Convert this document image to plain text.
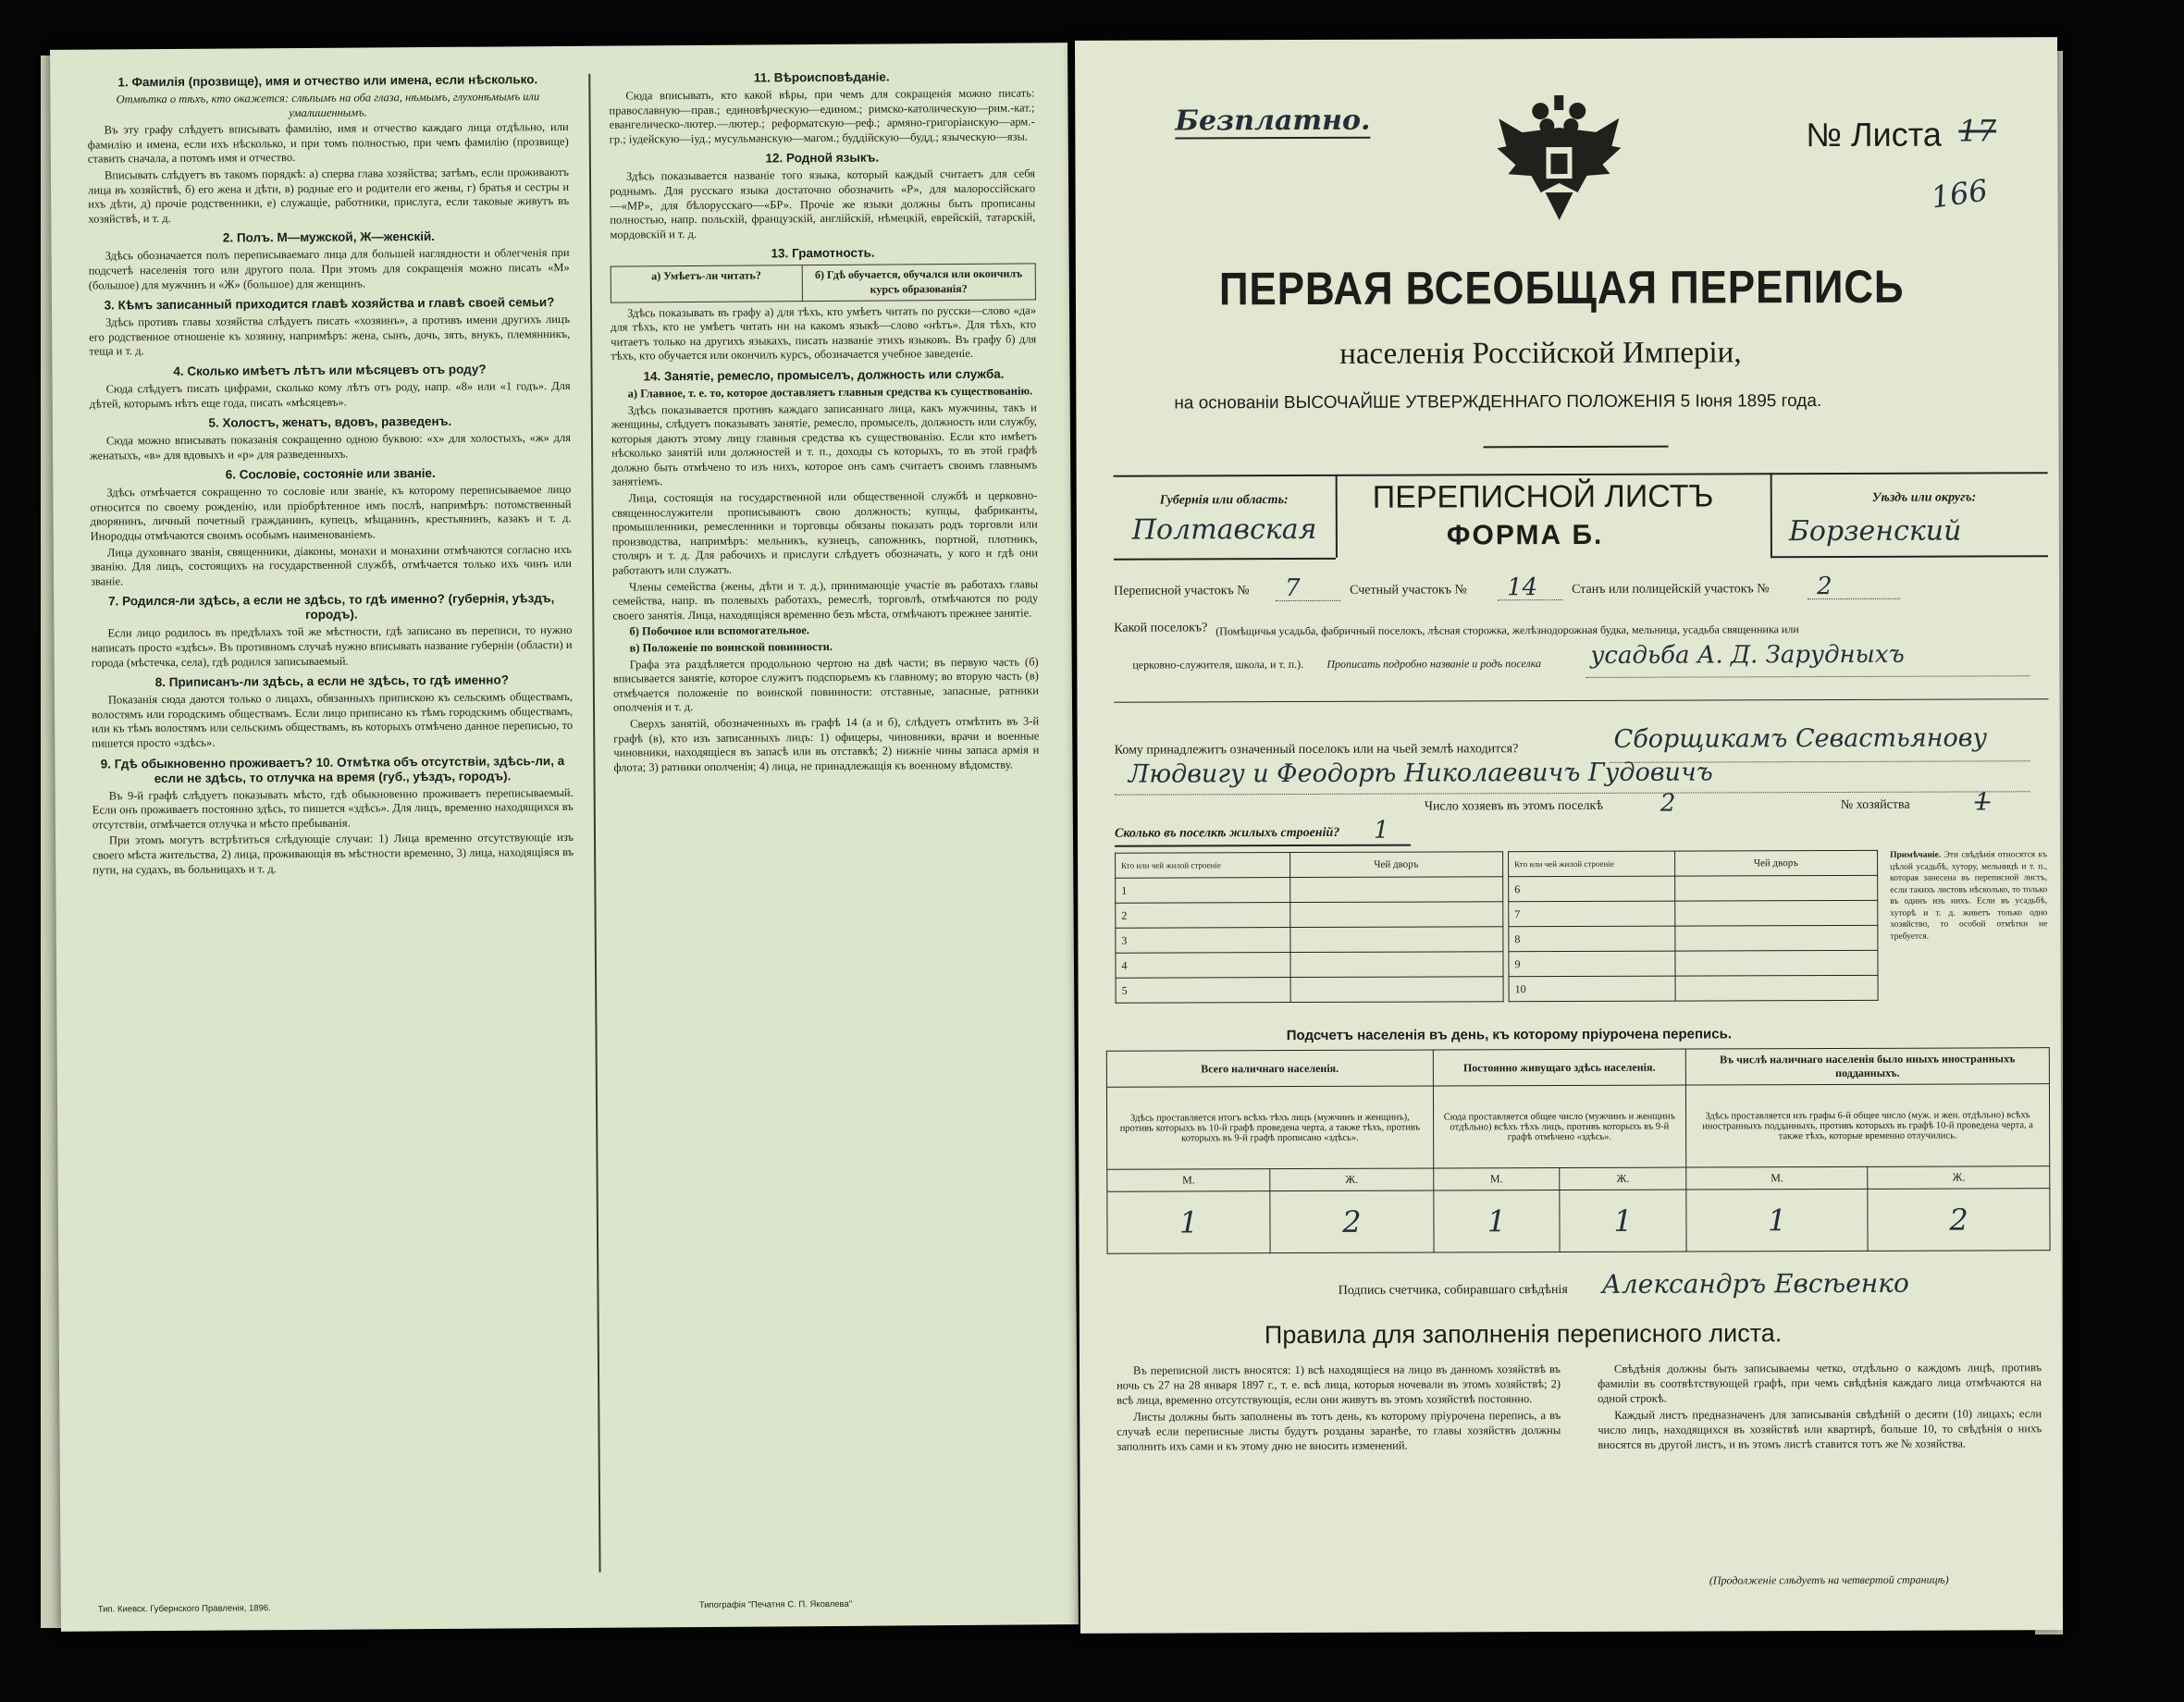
1. Фамилія (прозвище), имя и отчество или имена, если нѣсколько.

Отмѣтка о тѣхъ, кто окажется: слѣпымъ на оба глаза, нѣмымъ, глухонѣмымъ или умалишеннымъ.

Въ эту графу слѣдуетъ вписывать фамилію, имя и отчество каждаго лица отдѣльно, или фамилію и имена, если ихъ нѣсколько, и при томъ полностью, при чемъ фамилію (прозвище) ставить сначала, а потомъ имя и отчество.

Вписывать слѣдуетъ въ такомъ порядкѣ: а) сперва глава хозяйства; затѣмъ, если проживаютъ лица въ хозяйствѣ, б) его жена и дѣти, в) родные его и родители его жены, г) братья и сестры и ихъ дѣти, д) прочіе родственники, е) служащіе, работники, прислуга, если таковые живутъ въ хозяйствѣ, и т. д.

2. Полъ. М—мужской, Ж—женскій.

Здѣсь обозначается полъ переписываемаго лица для большей наглядности и облегченія при подсчетѣ населенія того или другого пола. При этомъ для сокращенія можно писать «М» (большое) для мужчинъ и «Ж» (большое) для женщинъ.

3. Кѣмъ записанный приходится главѣ хозяйства и главѣ своей семьи?

Здѣсь противъ главы хозяйства слѣдуетъ писать «хозяинъ», а противъ имени другихъ лицъ его родственное отношеніе къ хозяину, напримѣръ: жена, сынъ, дочь, зять, внукъ, племянникъ, теща и т. д.

4. Сколько имѣетъ лѣтъ или мѣсяцевъ отъ роду?

Сюда слѣдуетъ писать цифрами, сколько кому лѣтъ отъ роду, напр. «8» или «1 годъ». Для дѣтей, которымъ нѣтъ еще года, писать «мѣсяцевъ».

5. Холостъ, женатъ, вдовъ, разведенъ.

Сюда можно вписывать показанія сокращенно одною буквою: «х» для холостыхъ, «ж» для женатыхъ, «в» для вдовыхъ и «р» для разведенныхъ.

6. Сословіе, состояніе или званіе.

Здѣсь отмѣчается сокращенно то сословіе или званіе, къ которому переписываемое лицо относится по своему рожденію, или пріобрѣтенное имъ послѣ, напримѣръ: потомственный дворянинъ, личный почетный гражданинъ, купецъ, мѣщанинъ, крестьянинъ, казакъ и т. д. Инородцы отмѣчаются своимъ особымъ наименованіемъ.

Лица духовнаго званія, священники, діаконы, монахи и монахини отмѣчаются согласно ихъ званію. Для лицъ, состоящихъ на государственной службѣ, отмѣчается только ихъ чинъ или званіе.

7. Родился-ли здѣсь, а если не здѣсь, то гдѣ именно? (губернія, уѣздъ, городъ).

Если лицо родилось въ предѣлахъ той же мѣстности, гдѣ записано въ переписи, то нужно написать просто «здѣсь». Въ противномъ случаѣ нужно вписывать название губерніи (области) и города (мѣстечка, села), гдѣ родился записываемый.

8. Приписанъ-ли здѣсь, а если не здѣсь, то гдѣ именно?

Показанія сюда даются только о лицахъ, обязанныхъ припискою къ сельскимъ обществамъ, волостямъ или городскимъ обществамъ. Если лицо приписано къ тѣмъ городскимъ обществамъ, или къ тѣмъ волостямъ или сельскимъ обществамъ, въ которыхъ отмѣчено данное переписью, то пишется просто «здѣсь».

9. Гдѣ обыкновенно проживаетъ? 10. Отмѣтка объ отсутствіи, здѣсь-ли, а если не здѣсь, то отлучка на время (губ., уѣздъ, городъ).

Въ 9-й графѣ слѣдуетъ показывать мѣсто, гдѣ обыкновенно проживаетъ переписываемый. Если онъ проживаетъ постоянно здѣсь, то пишется «здѣсь». Для лицъ, временно находящихся въ отсутствіи, отмѣчается отлучка и мѣсто пребыванія.

При этомъ могутъ встрѣтиться слѣдующіе случаи: 1) Лица временно отсутствующіе изъ своего мѣста жительства, 2) лица, проживающія въ мѣстности временно, 3) лица, находящіяся въ пути, на судахъ, въ больницахъ и т. д.

11. Вѣроисповѣданіе.

Сюда вписывать, кто какой вѣры, при чемъ для сокращенія можно писать: православную—прав.; единовѣрческую—едином.; римско-католическую—рим.-кат.; евангелическо-лютер.—лютер.; реформатскую—реф.; армяно-григоріанскую—арм.-гр.; іудейскую—іуд.; мусульманскую—магом.; буддійскую—будд.; языческую—язы.

12. Родной языкъ.

Здѣсь показывается названіе того языка, который каждый считаетъ для себя роднымъ. Для русскаго языка достаточно обозначить «Р», для малороссійскаго—«МР», для бѣлорусскаго—«БР». Прочіе же языки должны быть прописаны полностью, напр. польскій, французскій, англійскій, нѣмецкій, еврейскій, татарскій, мордовскій и т. д.

13. Грамотность.
а) Умѣетъ-ли читать?	б) Гдѣ обучается, обучался или окончилъ курсъ образованія?

Здѣсь показывать въ графу а) для тѣхъ, кто умѣетъ читать по русски—слово «да» для тѣхъ, кто не умѣетъ читать ни на какомъ языкѣ—слово «нѣтъ». Для тѣхъ, кто читаетъ только на другихъ языкахъ, писать названіе этихъ языковъ. Въ графу б) для тѣхъ, кто обучается или окончилъ курсъ, обозначается учебное заведеніе.

14. Занятіе, ремесло, промыселъ, должность или служба.

а) Главное, т. е. то, которое доставляетъ главныя средства къ существованію.

Здѣсь показывается противъ каждаго записаннаго лица, какъ мужчины, такъ и женщины, слѣдуетъ показывать занятіе, ремесло, промыселъ, должность или службу, которыя даютъ этому лицу главныя средства къ существованію. Если кто имѣетъ нѣсколько занятій или должностей и т. п., доходы съ которыхъ, то въ этой графѣ должно быть отмѣчено то изъ нихъ, которое онъ самъ считаетъ своимъ главнымъ занятіемъ.

Лица, состоящія на государственной или общественной службѣ и церковно-священнослужители прописываютъ свою должность; купцы, фабриканты, промышленники, ремесленники и торговцы обязаны показать родъ торговли или производства, напримѣръ: мельникъ, кузнецъ, сапожникъ, портной, плотникъ, столяръ и т. д. Для рабочихъ и прислуги слѣдуетъ обозначать, у кого и гдѣ они работаютъ или служатъ.

Члены семейства (жены, дѣти и т. д.), принимающіе участіе въ работахъ главы семейства, напр. въ полевыхъ работахъ, ремеслѣ, торговлѣ, отмѣчаются по роду своего занятія. Лица, находящіяся временно безъ мѣста, отмѣчаютъ прежнее занятіе.

б) Побочное или вспомогательное.

в) Положеніе по воинской повинности.

Графа эта раздѣляется продольною чертою на двѣ части; въ первую часть (б) вписывается занятіе, которое служитъ подспорьемъ къ главному; во вторую часть (в) отмѣчается положеніе по воинской повинности: отставные, запасные, ратники ополченія и т. д.

Сверхъ занятій, обозначенныхъ въ графѣ 14 (а и б), слѣдуетъ отмѣтить въ 3-й графѣ (в), кто изъ записанныхъ лицъ: 1) офицеры, чиновники, врачи и военные чиновники, находящіеся въ запасѣ или въ отставкѣ; 2) нижніе чины запаса армія и флота; 3) ратники ополченія; 4) лица, не принадлежащія къ военному вѣдомству.

Тип. Киевск. Губернского Правленія, 1896.	Типографія "Печатня С. П. Яковлева"
Безплатно.	№ Листа 17
166
ПЕРВАЯ ВСЕОБЩАЯ ПЕРЕПИСЬ
населенія Россійской Имперіи,
на основаніи ВЫСОЧАЙШЕ УТВЕРЖДЕННАГО ПОЛОЖЕНІЯ 5 Іюня 1895 года.
Губернія или область:
Полтавская
ПЕРЕПИСНОЙ ЛИСТЪ
ФОРМА Б.
Уѣздъ или округъ:
Борзенский
Переписной участокъ № 7	Счетный участокъ № 14	Станъ или полицейскій участокъ № 2
Какой поселокъ? (Помѣщичья усадьба, фабричный поселокъ, лѣсная сторожка, желѣзнодорожная будка, мельница, усадьба священника или
церковно-служителя, школа, и т. п.). Прописать подробно названіе и родъ поселка усадьба А. Д. Зарудныхъ
Кому принадлежитъ означенный поселокъ или на чьей землѣ находится?	Сборщикамъ Севастьянову
Людвигу и Феодорѣ Николаевичъ Гудовичъ
Число хозяевъ въ этомъ поселкѣ 2	№ хозяйства	1
Сколько въ поселкѣ жилыхъ строеній? 1
Кто или чей жилой строеніе	Чей дворъ
1	
2	
3	
4	
5	
Кто или чей жилой строеніе	Чей дворъ
6	
7	
8	
9	
10	
Примѣчаніе. Эти свѣдѣнія относятся къ цѣлой усадьбѣ, хутору, мельницѣ и т. п., которая занесена въ переписной листъ, если такихъ листовъ нѣсколько, то только въ одинъ изъ нихъ. Если въ усадьбѣ, хуторѣ и т. д. живетъ только одно хозяйство, то особой отмѣтки не требуется.
Подсчетъ населенія въ день, къ которому пріурочена перепись.
Всего наличнаго населенія.		Постоянно живущаго здѣсь населенія.		Въ числѣ наличнаго населенія было иныхъ иностранныхъ подданныхъ.	
Здѣсь проставляется итогъ всѣхъ тѣхъ лицъ (мужчинъ и женщинъ), противъ которыхъ въ 10-й графѣ проведена черта, а также тѣхъ, противъ которыхъ въ 9-й графѣ прописано «здѣсь».		Сюда проставляется общее число (мужчинъ и женщинъ отдѣльно) всѣхъ тѣхъ лицъ, противъ которыхъ въ 9-й графѣ отмѣчено «здѣсь».		Здѣсь проставляется изъ графы 6-й общее число (муж. и жен. отдѣльно) всѣхъ иностранныхъ подданныхъ, противъ которыхъ въ графѣ 10-й проведена черта, а также тѣхъ, которые временно отлучились.	
М.	Ж.	М.	Ж.	М.	Ж.
1	2	1	1	1	2
Подпись счетчика, собиравшаго свѣдѣнія Александръ Евсѣенко
Правила для заполненія переписного листа.

Въ переписной листъ вносятся: 1) всѣ находящіеся на лицо въ данномъ хозяйствѣ въ ночь съ 27 на 28 января 1897 г., т. е. всѣ лица, которыя ночевали въ этомъ хозяйствѣ; 2) всѣ лица, временно отсутствующія, если они живутъ въ этомъ хозяйствѣ постоянно.

Листы должны быть заполнены въ тотъ день, къ которому пріурочена перепись, а въ случаѣ если переписные листы будутъ розданы заранѣе, то главы хозяйствъ должны заполнить ихъ сами и къ этому дню не вносить изменений.

Свѣдѣнія должны быть записываемы четко, отдѣльно о каждомъ лицѣ, противъ фамиліи въ соотвѣтствующей графѣ, при чемъ свѣдѣнія каждаго лица отмѣчаются на одной строкѣ.

Каждый листъ предназначенъ для записыванія свѣдѣній о десяти (10) лицахъ; если число лицъ, находящихся въ хозяйствѣ или квартирѣ, больше 10, то свѣдѣнія о нихъ вносятся въ другой листъ, и въ этомъ листѣ ставится тотъ же № хозяйства.

(Продолженіе слѣдуетъ на четвертой страницѣ)
